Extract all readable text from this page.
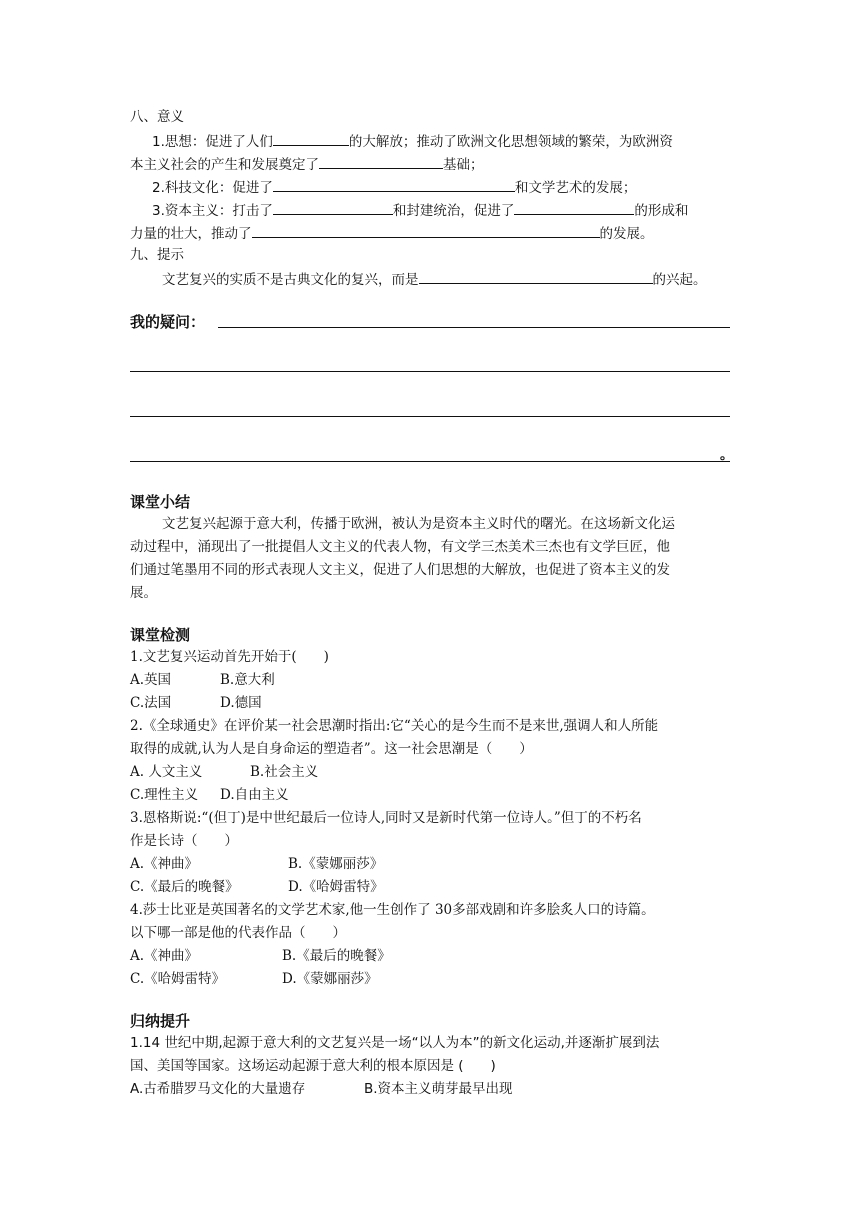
八、意义
1.思想：促进了人们	的大解放；推动了欧洲文化思想领域的繁荣，为欧洲资
本主义社会的产生和发展奠定了	基础；
2.科技文化：促进了	和文学艺术的发展；
3.资本主义：打击了	和封建统治，促进了	的形成和
力量的壮大，推动了	的发展。
九、提示
文艺复兴的实质不是古典文化的复兴，而是	的兴起。
我的疑问：
。
课堂小结
文艺复兴起源于意大利，传播于欧洲，被认为是资本主义时代的曙光。在这场新文化运
动过程中，涌现出了一批提倡人文主义的代表人物，有文学三杰美术三杰也有文学巨匠，他
们通过笔墨用不同的形式表现人文主义，促进了人们思想的大解放，也促进了资本主义的发
展。
课堂检测
1.文艺复兴运动首先开始于(　　)
A.英国	B.意大利
C.法国	D.德国
2.《全球通史》在评价某一社会思潮时指出:它“关心的是今生而不是来世,强调人和人所能
取得的成就,认为人是自身命运的塑造者”。这一社会思潮是（　　）
A. 人文主义	B.社会主义
C.理性主义 D.自由主义
3.恩格斯说:“(但丁)是中世纪最后一位诗人,同时又是新时代第一位诗人。”但丁的不朽名
作是长诗（　　）
A.《神曲》	B.《蒙娜丽莎》
C.《最后的晚餐》	D.《哈姆雷特》
4.莎士比亚是英国著名的文学艺术家,他一生创作了 30多部戏剧和许多脍炙人口的诗篇。
以下哪一部是他的代表作品（　　）
A.《神曲》	B.《最后的晚餐》
C.《哈姆雷特》	D.《蒙娜丽莎》
归纳提升
1.14 世纪中期,起源于意大利的文艺复兴是一场“以人为本”的新文化运动,并逐渐扩展到法
国、美国等国家。这场运动起源于意大利的根本原因是 (　　)
A.古希腊罗马文化的大量遗存	B.资本主义萌芽最早出现
